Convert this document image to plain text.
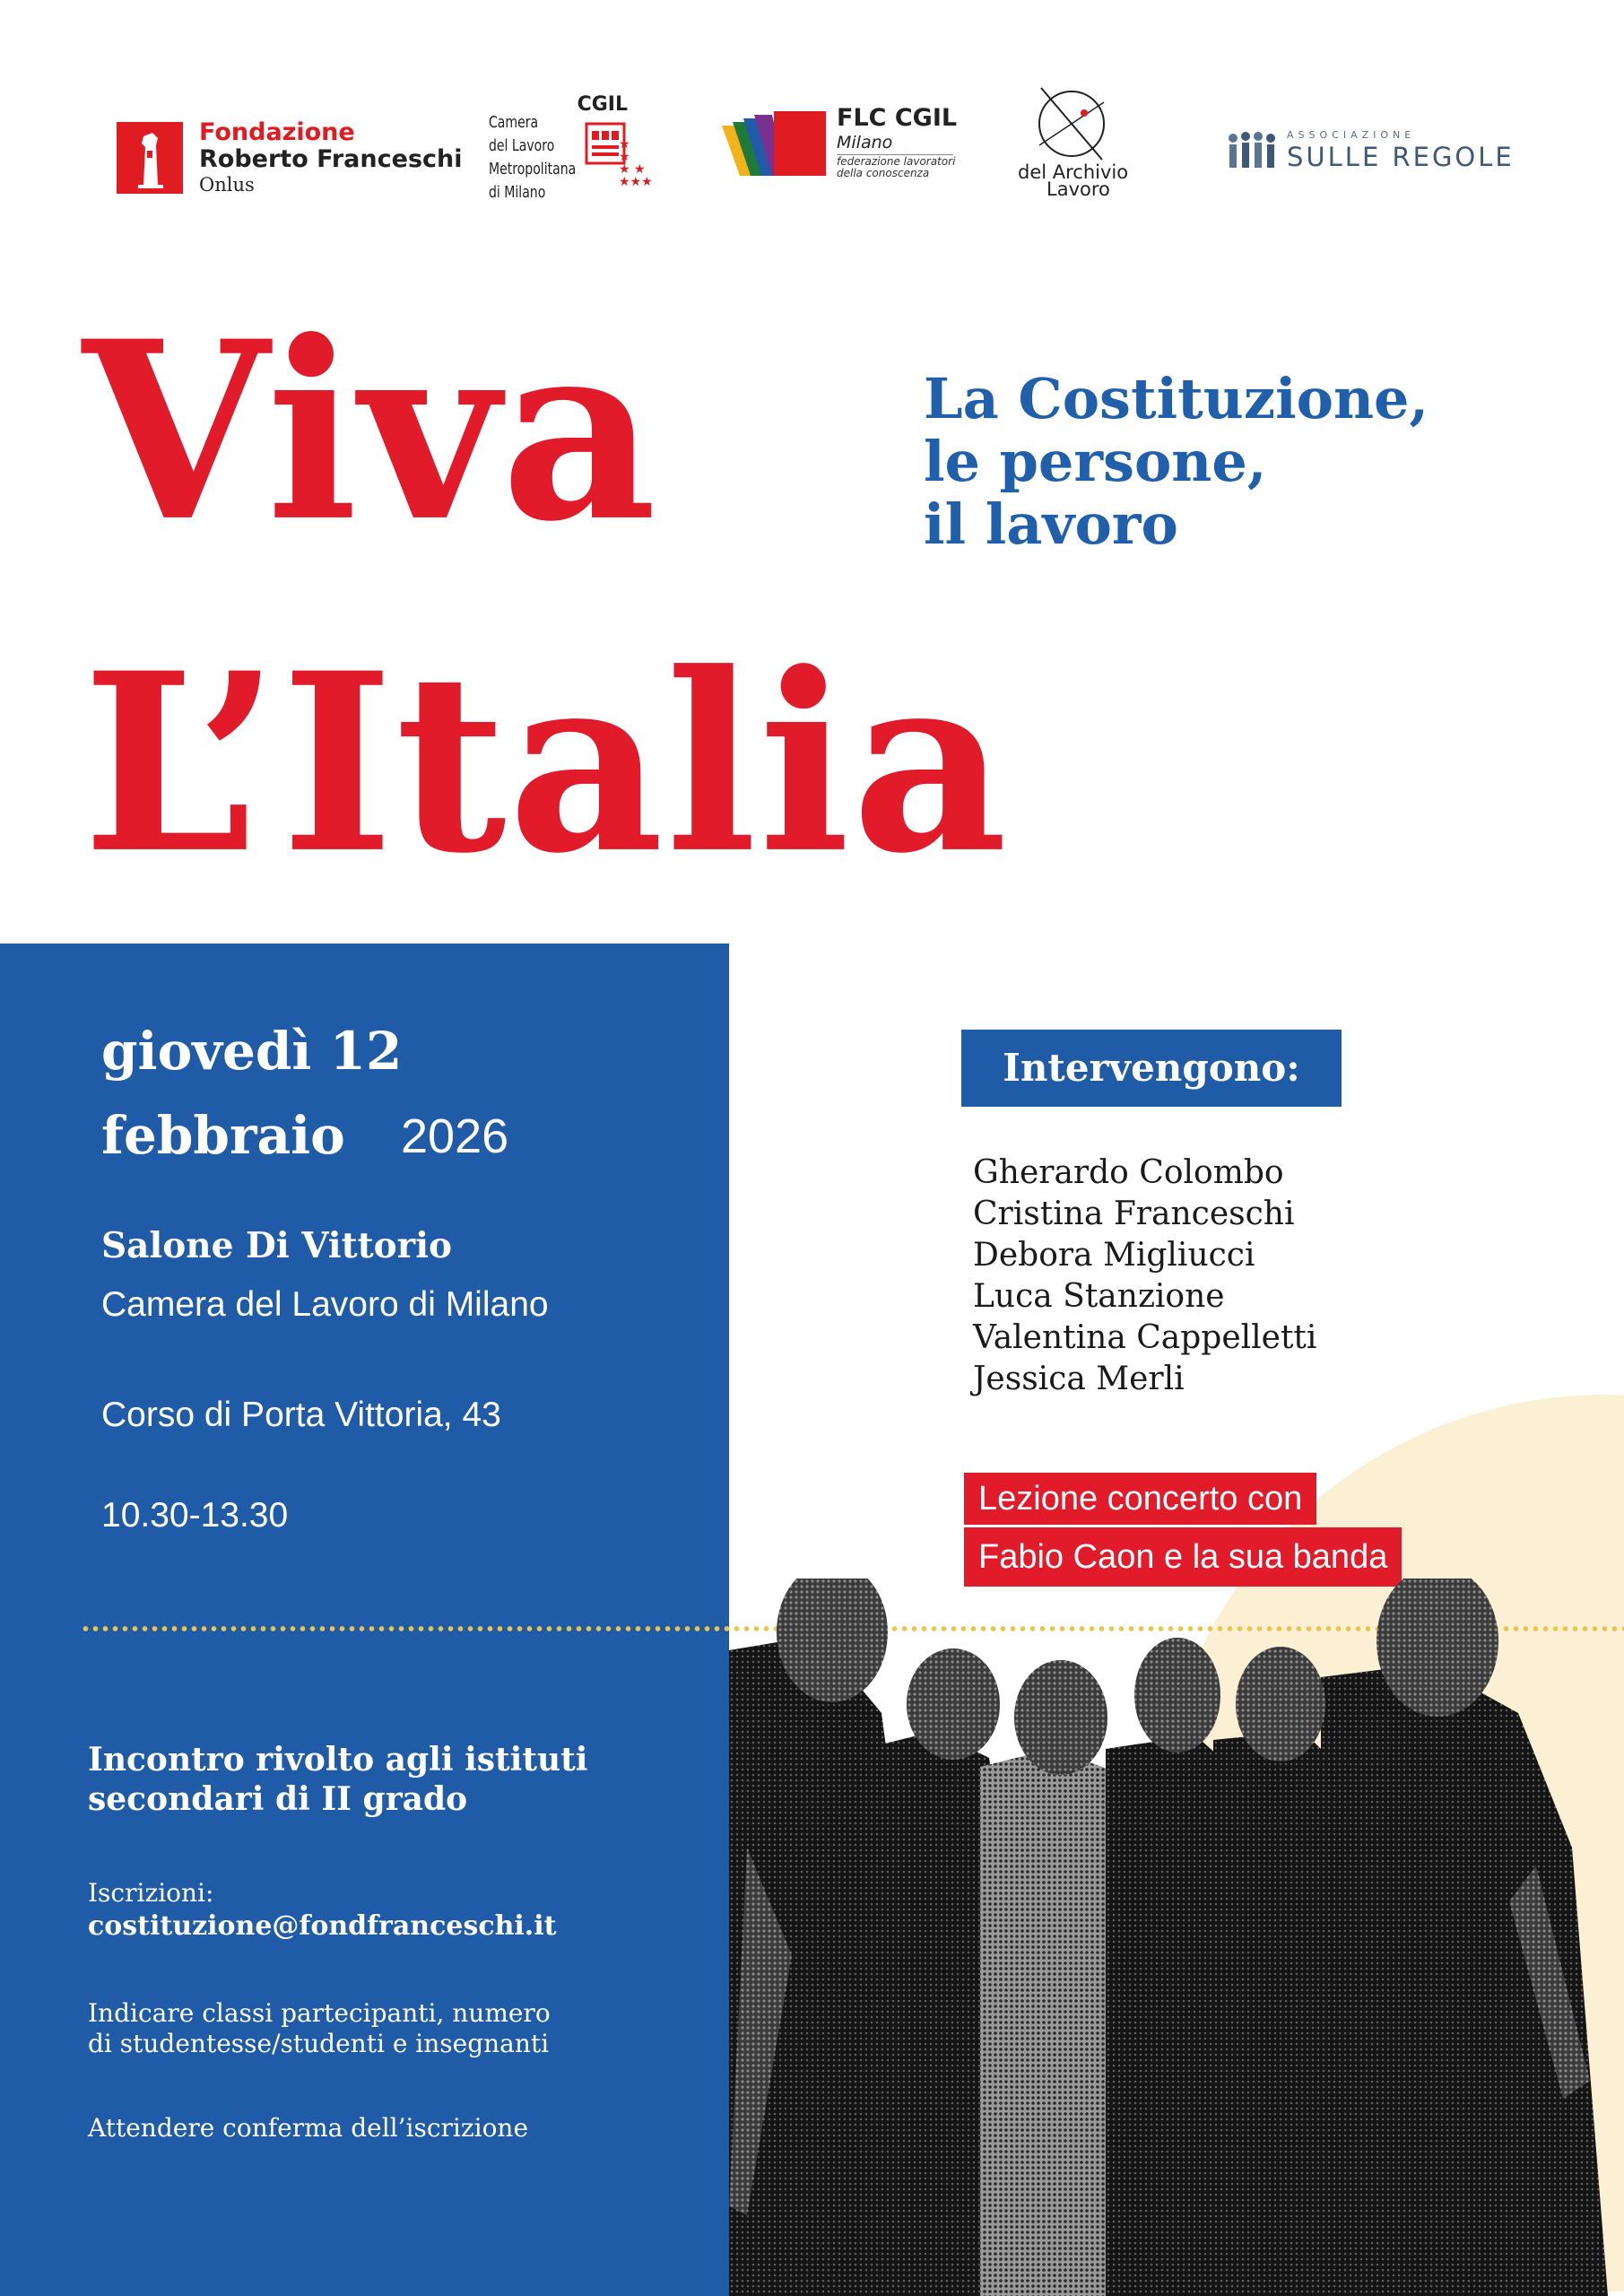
Fondazione
Roberto Franceschi
Onlus
CGIL
Camera
del Lavoro
Metropolitana
di Milano
★
★
★ ★
★★★
FLC CGIL
Milano
federazione lavoratori della conoscenza	del Archivio
Lavoro
ASSOCIAZIONE
SULLE REGOLE
Viva
L’Italia
La Costituzione,
le persone,
il lavoro
giovedì 12
febbraio 2026
Salone Di Vittorio
Camera del Lavoro di Milano
Corso di Porta Vittoria, 43
10.30-13.30
Incontro rivolto agli istituti
secondari di II grado
Iscrizioni:
costituzione@fondfranceschi.it
Indicare classi partecipanti, numero
di studentesse/studenti e insegnanti
Attendere conferma dell’iscrizione
Intervengono:
Gherardo Colombo
Cristina Franceschi
Debora Migliucci
Luca Stanzione
Valentina Cappelletti
Jessica Merli
Lezione concerto con
Fabio Caon e la sua banda
